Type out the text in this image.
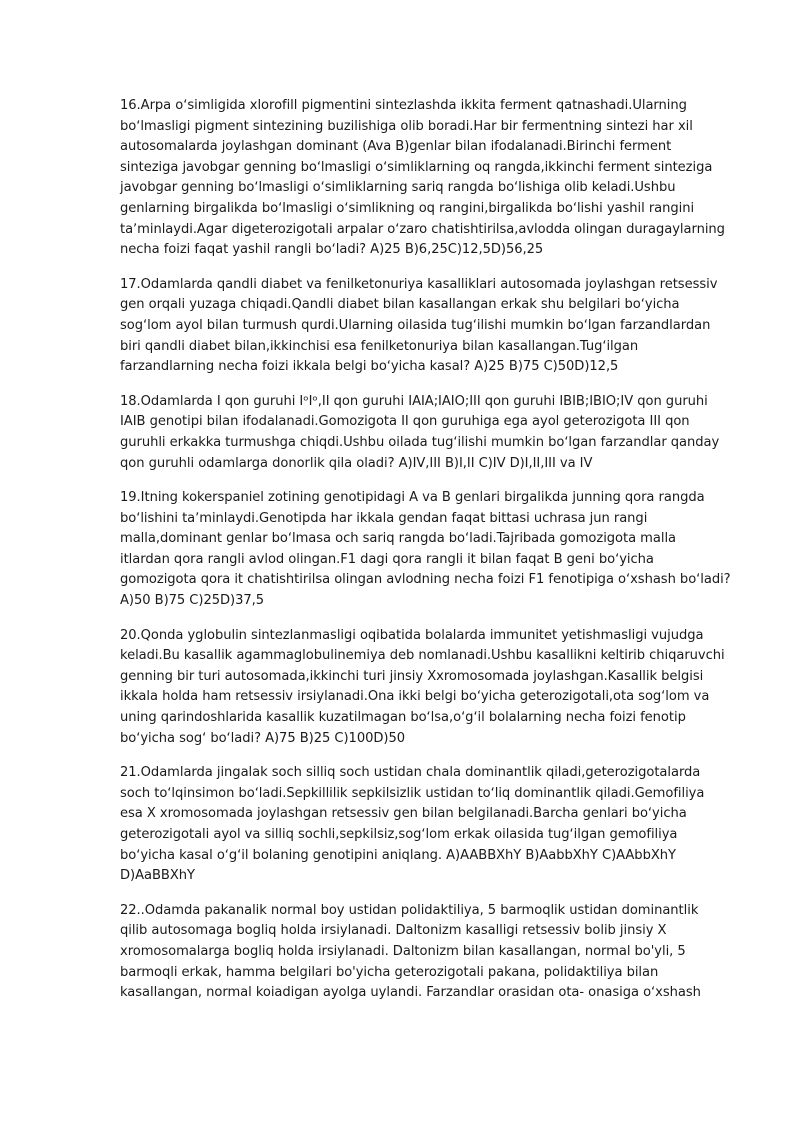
16.Arpa oʻsimligida xlorofill pigmentini sintezlashda ikkita ferment qatnashadi.Ularning
boʻlmasligi pigment sintezining buzilishiga olib boradi.Har bir fermentning sintezi har xil
autosomalarda joylashgan dominant (Ava B)genlar bilan ifodalanadi.Birinchi ferment
sinteziga javobgar genning boʻlmasligi oʻsimliklarning oq rangda,ikkinchi ferment sinteziga
javobgar genning boʻlmasligi oʻsimliklarning sariq rangda boʻlishiga olib keladi.Ushbu
genlarning birgalikda boʻlmasligi oʻsimlikning oq rangini,birgalikda boʻlishi yashil rangini
taʼminlaydi.Agar digeterozigotali arpalar oʻzaro chatishtirilsa,avlodda olingan duragaylarning
necha foizi faqat yashil rangli boʻladi? A)25 B)6,25C)12,5D)56,25
17.Odamlarda qandli diabet va fenilketonuriya kasalliklari autosomada joylashgan retsessiv
gen orqali yuzaga chiqadi.Qandli diabet bilan kasallangan erkak shu belgilari boʻyicha
sogʻlom ayol bilan turmush qurdi.Ularning oilasida tugʻilishi mumkin boʻlgan farzandlardan
biri qandli diabet bilan,ikkinchisi esa fenilketonuriya bilan kasallangan.Tugʻilgan
farzandlarning necha foizi ikkala belgi boʻyicha kasal? A)25 B)75 C)50D)12,5
18.Odamlarda I qon guruhi IᵒIᵒ,II qon guruhi IAIA;IAIO;III qon guruhi IBIB;IBIO;IV qon guruhi
IAIB genotipi bilan ifodalanadi.Gomozigota II qon guruhiga ega ayol geterozigota III qon
guruhli erkakka turmushga chiqdi.Ushbu oilada tugʻilishi mumkin boʻlgan farzandlar qanday
qon guruhli odamlarga donorlik qila oladi? A)IV,III B)I,II C)IV D)I,II,III va IV
19.Itning kokerspaniel zotining genotipidagi A va B genlari birgalikda junning qora rangda
boʻlishini taʼminlaydi.Genotipda har ikkala gendan faqat bittasi uchrasa jun rangi
malla,dominant genlar boʻlmasa och sariq rangda boʻladi.Tajribada gomozigota malla
itlardan qora rangli avlod olingan.F1 dagi qora rangli it bilan faqat B geni boʻyicha
gomozigota qora it chatishtirilsa olingan avlodning necha foizi F1 fenotipiga oʻxshash boʻladi?
A)50 B)75 C)25D)37,5
20.Qonda yglobulin sintezlanmasligi oqibatida bolalarda immunitet yetishmasligi vujudga
keladi.Bu kasallik agammaglobulinemiya deb nomlanadi.Ushbu kasallikni keltirib chiqaruvchi
genning bir turi autosomada,ikkinchi turi jinsiy Xxromosomada joylashgan.Kasallik belgisi
ikkala holda ham retsessiv irsiylanadi.Ona ikki belgi boʻyicha geterozigotali,ota sogʻlom va
uning qarindoshlarida kasallik kuzatilmagan boʻlsa,oʻgʻil bolalarning necha foizi fenotip
boʻyicha sogʻ boʻladi? A)75 B)25 C)100D)50
21.Odamlarda jingalak soch silliq soch ustidan chala dominantlik qiladi,geterozigotalarda
soch toʻlqinsimon boʻladi.Sepkillilik sepkilsizlik ustidan toʻliq dominantlik qiladi.Gemofiliya
esa X xromosomada joylashgan retsessiv gen bilan belgilanadi.Barcha genlari boʻyicha
geterozigotali ayol va silliq sochli,sepkilsiz,sogʻlom erkak oilasida tugʻilgan gemofiliya
boʻyicha kasal oʻgʻil bolaning genotipini aniqlang. A)AABBXhY B)AabbXhY C)AAbbXhY
D)AaBBXhY
22..Odamda pakanalik normal boy ustidan polidaktiliya, 5 barmoqlik ustidan dominantlik
qilib autosomaga bogliq holda irsiylanadi. Daltonizm kasalligi retsessiv bolib jinsiy X
xromosomalarga bogliq holda irsiylanadi. Daltonizm bilan kasallangan, normal bo'yli, 5
barmoqli erkak, hamma belgilari bo'yicha geterozigotali pakana, polidaktiliya bilan
kasallangan, normal koiadigan ayolga uylandi. Farzandlar orasidan ota- onasiga oʻxshash
